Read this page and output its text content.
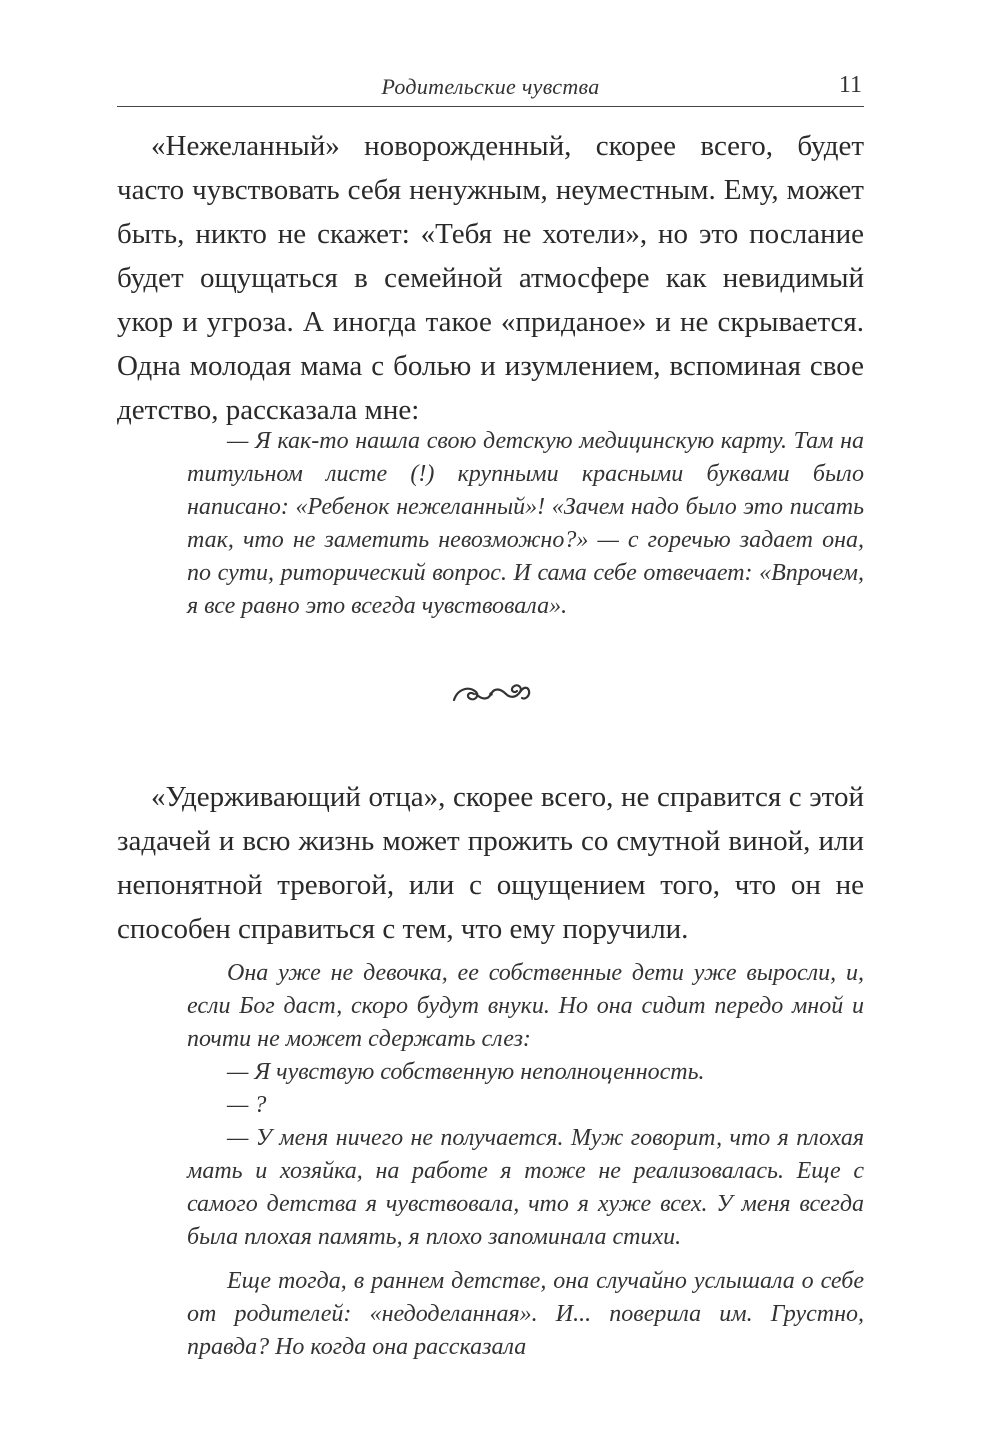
Родительские чувства	11

«Нежеланный» новорожденный, скорее всего, будет часто чувствовать себя ненужным, неуместным. Ему, может быть, никто не скажет: «Тебя не хотели», но это послание будет ощущаться в семейной атмосфере как невидимый укор и угроза. А иногда такое «приданое» и не скрывается. Одна молодая мама с болью и изумлением, вспоминая свое детство, рассказала мне:

— Я как-то нашла свою детскую медицинскую карту. Там на титульном листе (!) крупными красными буквами было написано: «Ребенок нежеланный»! «Зачем надо было это писать так, что не заметить невозможно?» — с горечью задает она, по сути, риторический вопрос. И сама себе отвечает: «Впрочем, я все равно это всегда чувствовала».

«Удерживающий отца», скорее всего, не справится с этой задачей и всю жизнь может прожить со смутной виной, или непонятной тревогой, или с ощущением того, что он не способен справиться с тем, что ему поручили.

Она уже не девочка, ее собственные дети уже выросли, и, если Бог даст, скоро будут внуки. Но она сидит передо мной и почти не может сдержать слез:

— Я чувствую собственную неполноценность.

— ?

— У меня ничего не получается. Муж говорит, что я плохая мать и хозяйка, на работе я тоже не реализовалась. Еще с самого детства я чувствовала, что я хуже всех. У меня всегда была плохая память, я плохо запоминала стихи.

Еще тогда, в раннем детстве, она случайно услышала о себе от родителей: «недоделанная». И... поверила им. Грустно, правда? Но когда она рассказала
